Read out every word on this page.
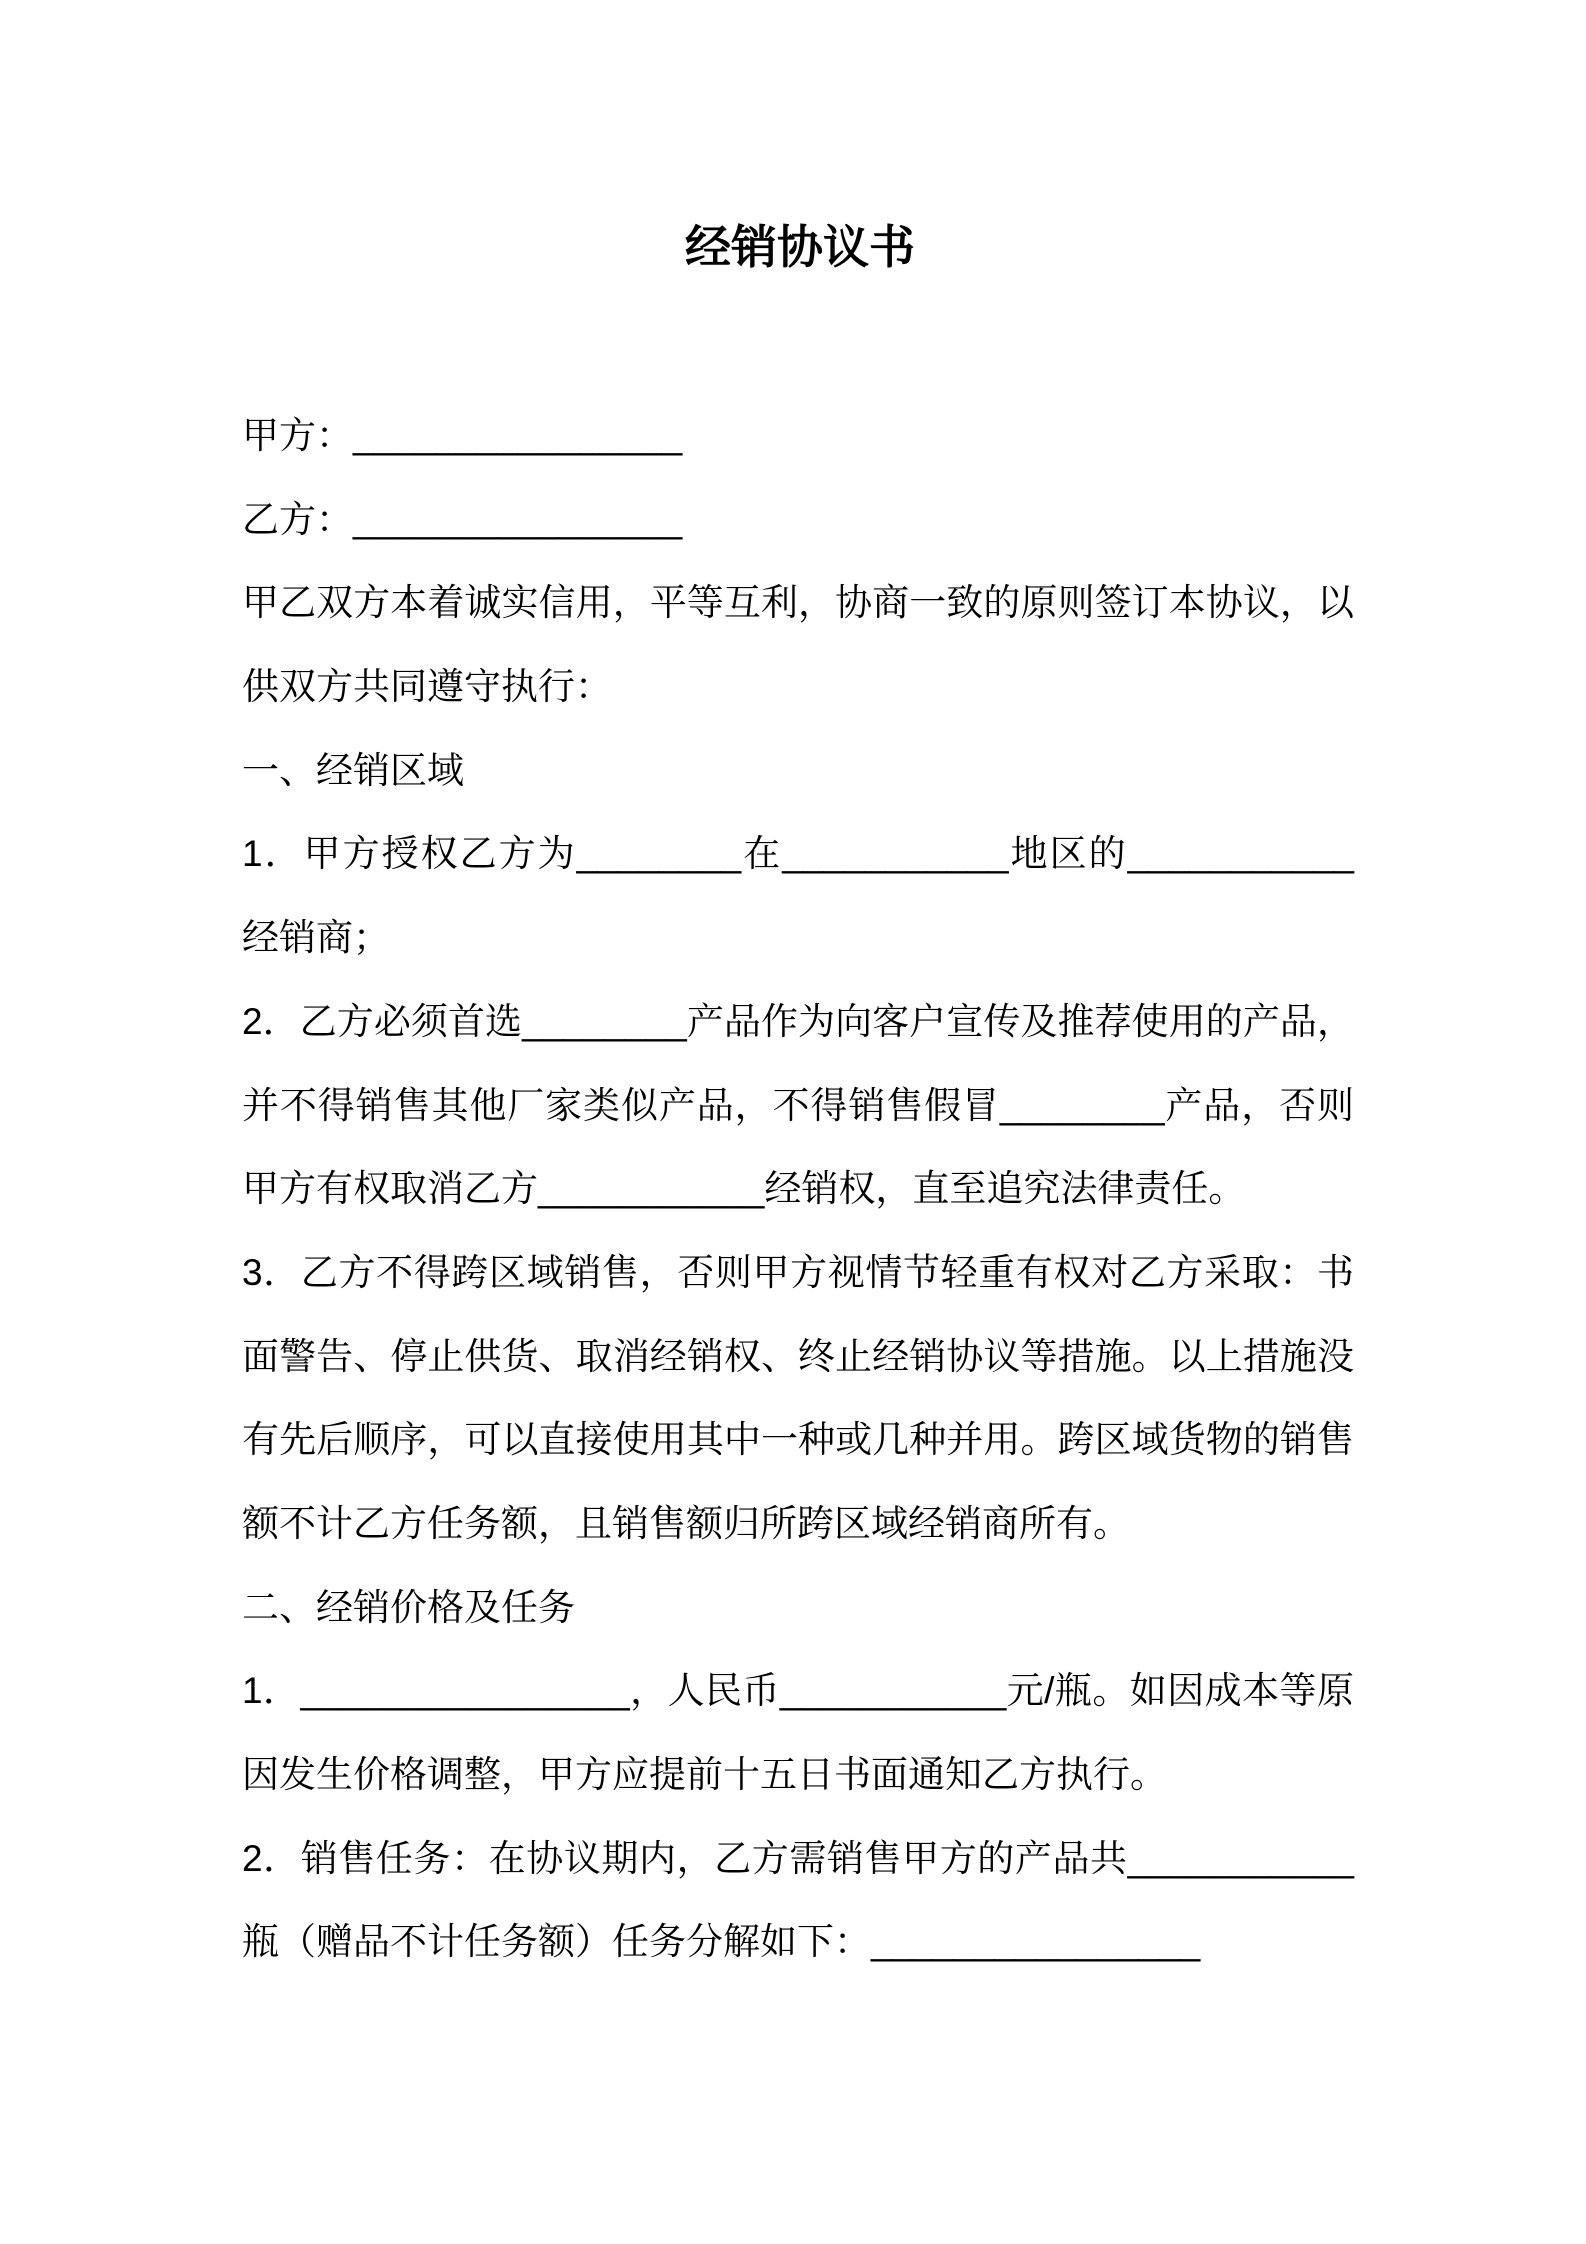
经销协议书
甲方：________________
乙方：________________
甲乙双方本着诚实信用，平等互利，协商一致的原则签订本协议，以
供双方共同遵守执行：
一、经销区域
1．甲方授权乙方为________在___________地区的___________
经销商；
2．乙方必须首选________产品作为向客户宣传及推荐使用的产品，
并不得销售其他厂家类似产品，不得销售假冒________产品，否则
甲方有权取消乙方___________经销权，直至追究法律责任。
3．乙方不得跨区域销售，否则甲方视情节轻重有权对乙方采取：书
面警告、停止供货、取消经销权、终止经销协议等措施。以上措施没
有先后顺序，可以直接使用其中一种或几种并用。跨区域货物的销售
额不计乙方任务额，且销售额归所跨区域经销商所有。
二、经销价格及任务
1．________________，人民币___________元/瓶。如因成本等原
因发生价格调整，甲方应提前十五日书面通知乙方执行。
2．销售任务：在协议期内，乙方需销售甲方的产品共___________
瓶（赠品不计任务额）任务分解如下：________________
